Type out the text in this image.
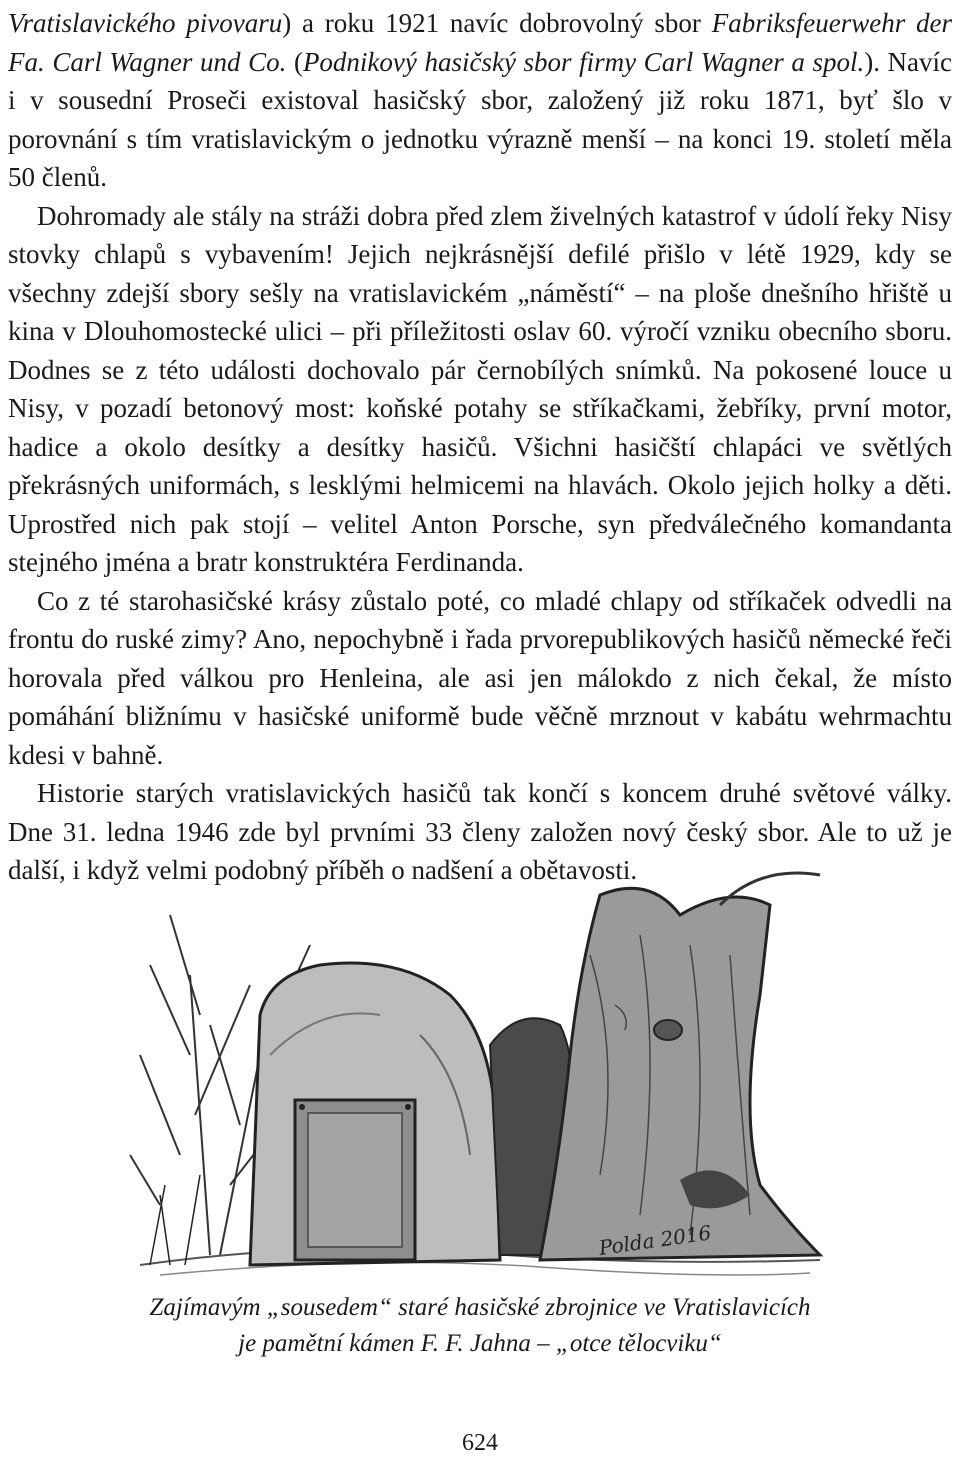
Vratislavického pivovaru) a roku 1921 navíc dobrovolný sbor Fabriksfeuerwehr der Fa. Carl Wagner und Co. (Podnikový hasičský sbor firmy Carl Wagner a spol.). Navíc i v sousední Proseči existoval hasičský sbor, založený již roku 1871, byť šlo v porovnání s tím vratislavickým o jednotku výrazně menší – na konci 19. století měla 50 členů.

Dohromady ale stály na stráži dobra před zlem živelných katastrof v údolí řeky Nisy stovky chlapů s vybavením! Jejich nejkrásnější defilé přišlo v létě 1929, kdy se všechny zdejší sbory sešly na vratislavickém „náměstí“ – na ploše dnešního hřiště u kina v Dlouhomostecké ulici – při příležitosti oslav 60. výročí vzniku obecního sboru. Dodnes se z této události dochovalo pár černobílých snímků. Na pokosené louce u Nisy, v pozadí betonový most: koňské potahy se stříkačkami, žebříky, první motor, hadice a okolo desítky a desítky hasičů. Všichni hasičští chlapáci ve světlých překrásných uniformách, s lesklými helmicemi na hlavách. Okolo jejich holky a děti. Uprostřed nich pak stojí – velitel Anton Porsche, syn předválečného komandanta stejného jména a bratr konstruktéra Ferdinanda.

Co z té starohasičské krásy zůstalo poté, co mladé chlapy od stříkaček odvedli na frontu do ruské zimy? Ano, nepochybně i řada prvorepublikových hasičů německé řeči horovala před válkou pro Henleina, ale asi jen málokdo z nich čekal, že místo pomáhání bližnímu v hasičské uniformě bude věčně mrznout v kabátu wehrmachtu kdesi v bahně.

Historie starých vratislavických hasičů tak končí s koncem druhé světové války. Dne 31. ledna 1946 zde byl prvními 33 členy založen nový český sbor. Ale to už je další, i když velmi podobný příběh o nadšení a obětavosti.

Polda 2016
Zajímavým „sousedem“ staré hasičské zbrojnice ve Vratislavicích
je pamětní kámen F. F. Jahna – „otce tělocviku“
624
